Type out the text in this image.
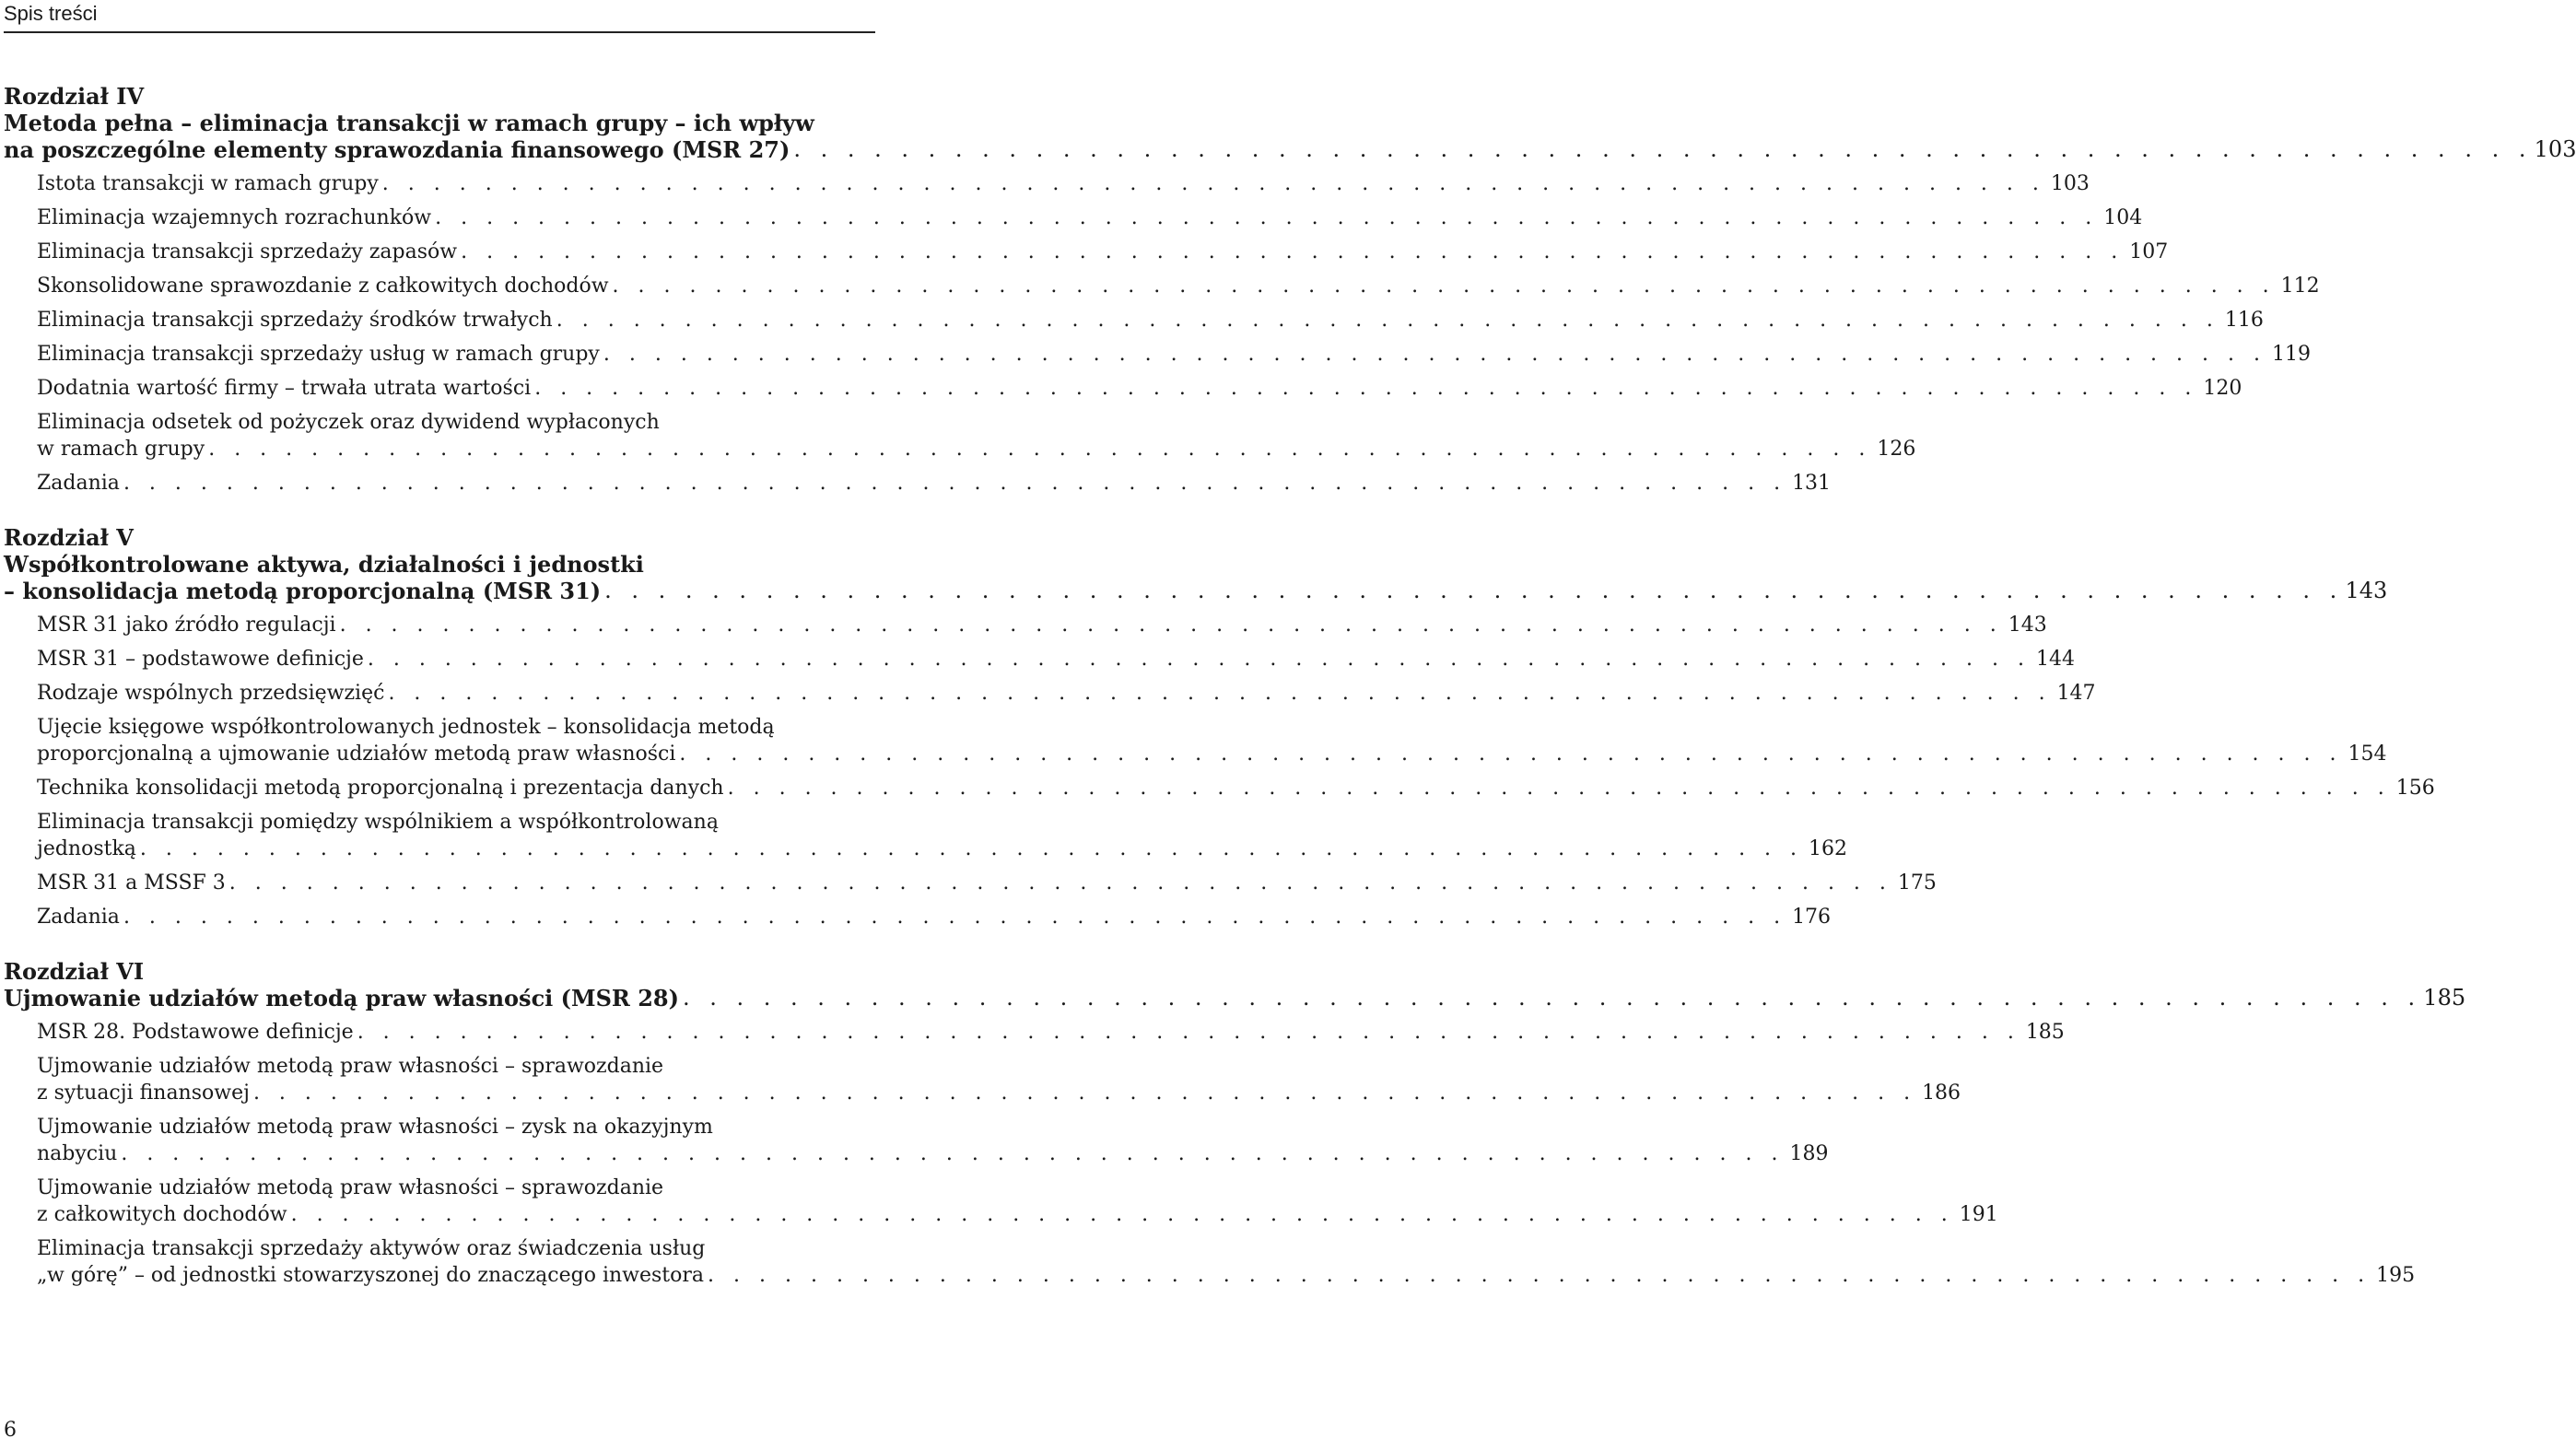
Spis treści
Rozdział IV
Metoda pełna – eliminacja transakcji w ramach grupy – ich wpływ
na poszczególne elementy sprawozdania finansowego (MSR 27) . . . . . . . . . . . . . . . . . . . . . . . . . . . . . . . . . . . . . . . . . . . . . . . . . . . . . . . . . . . . . . . . . 103
Istota transakcji w ramach grupy . . . . . . . . . . . . . . . . . . . . . . . . . . . . . . . . . . . . . . . . . . . . . . . . . . . . . . . . . . . . . . . . . 103
Eliminacja wzajemnych rozrachunków . . . . . . . . . . . . . . . . . . . . . . . . . . . . . . . . . . . . . . . . . . . . . . . . . . . . . . . . . . . . . . . . . 104
Eliminacja transakcji sprzedaży zapasów . . . . . . . . . . . . . . . . . . . . . . . . . . . . . . . . . . . . . . . . . . . . . . . . . . . . . . . . . . . . . . . . . 107
Skonsolidowane sprawozdanie z całkowitych dochodów . . . . . . . . . . . . . . . . . . . . . . . . . . . . . . . . . . . . . . . . . . . . . . . . . . . . . . . . . . . . . . . . . 112
Eliminacja transakcji sprzedaży środków trwałych . . . . . . . . . . . . . . . . . . . . . . . . . . . . . . . . . . . . . . . . . . . . . . . . . . . . . . . . . . . . . . . . . 116
Eliminacja transakcji sprzedaży usług w ramach grupy . . . . . . . . . . . . . . . . . . . . . . . . . . . . . . . . . . . . . . . . . . . . . . . . . . . . . . . . . . . . . . . . . 119
Dodatnia wartość firmy – trwała utrata wartości . . . . . . . . . . . . . . . . . . . . . . . . . . . . . . . . . . . . . . . . . . . . . . . . . . . . . . . . . . . . . . . . . 120
Eliminacja odsetek od pożyczek oraz dywidend wypłaconych
w ramach grupy . . . . . . . . . . . . . . . . . . . . . . . . . . . . . . . . . . . . . . . . . . . . . . . . . . . . . . . . . . . . . . . . . 126
Zadania . . . . . . . . . . . . . . . . . . . . . . . . . . . . . . . . . . . . . . . . . . . . . . . . . . . . . . . . . . . . . . . . . 131
Rozdział V
Współkontrolowane aktywa, działalności i jednostki
– konsolidacja metodą proporcjonalną (MSR 31) . . . . . . . . . . . . . . . . . . . . . . . . . . . . . . . . . . . . . . . . . . . . . . . . . . . . . . . . . . . . . . . . . 143
MSR 31 jako źródło regulacji . . . . . . . . . . . . . . . . . . . . . . . . . . . . . . . . . . . . . . . . . . . . . . . . . . . . . . . . . . . . . . . . . 143
MSR 31 – podstawowe definicje . . . . . . . . . . . . . . . . . . . . . . . . . . . . . . . . . . . . . . . . . . . . . . . . . . . . . . . . . . . . . . . . . 144
Rodzaje wspólnych przedsięwzięć . . . . . . . . . . . . . . . . . . . . . . . . . . . . . . . . . . . . . . . . . . . . . . . . . . . . . . . . . . . . . . . . . 147
Ujęcie księgowe współkontrolowanych jednostek – konsolidacja metodą
proporcjonalną a ujmowanie udziałów metodą praw własności . . . . . . . . . . . . . . . . . . . . . . . . . . . . . . . . . . . . . . . . . . . . . . . . . . . . . . . . . . . . . . . . . 154
Technika konsolidacji metodą proporcjonalną i prezentacja danych . . . . . . . . . . . . . . . . . . . . . . . . . . . . . . . . . . . . . . . . . . . . . . . . . . . . . . . . . . . . . . . . . 156
Eliminacja transakcji pomiędzy wspólnikiem a współkontrolowaną
jednostką . . . . . . . . . . . . . . . . . . . . . . . . . . . . . . . . . . . . . . . . . . . . . . . . . . . . . . . . . . . . . . . . . 162
MSR 31 a MSSF 3 . . . . . . . . . . . . . . . . . . . . . . . . . . . . . . . . . . . . . . . . . . . . . . . . . . . . . . . . . . . . . . . . . 175
Zadania . . . . . . . . . . . . . . . . . . . . . . . . . . . . . . . . . . . . . . . . . . . . . . . . . . . . . . . . . . . . . . . . . 176
Rozdział VI
Ujmowanie udziałów metodą praw własności (MSR 28) . . . . . . . . . . . . . . . . . . . . . . . . . . . . . . . . . . . . . . . . . . . . . . . . . . . . . . . . . . . . . . . . . 185
MSR 28. Podstawowe definicje . . . . . . . . . . . . . . . . . . . . . . . . . . . . . . . . . . . . . . . . . . . . . . . . . . . . . . . . . . . . . . . . . 185
Ujmowanie udziałów metodą praw własności – sprawozdanie
z sytuacji finansowej . . . . . . . . . . . . . . . . . . . . . . . . . . . . . . . . . . . . . . . . . . . . . . . . . . . . . . . . . . . . . . . . . 186
Ujmowanie udziałów metodą praw własności – zysk na okazyjnym
nabyciu . . . . . . . . . . . . . . . . . . . . . . . . . . . . . . . . . . . . . . . . . . . . . . . . . . . . . . . . . . . . . . . . . 189
Ujmowanie udziałów metodą praw własności – sprawozdanie
z całkowitych dochodów . . . . . . . . . . . . . . . . . . . . . . . . . . . . . . . . . . . . . . . . . . . . . . . . . . . . . . . . . . . . . . . . . 191
Eliminacja transakcji sprzedaży aktywów oraz świadczenia usług
„w górę” – od jednostki stowarzyszonej do znaczącego inwestora . . . . . . . . . . . . . . . . . . . . . . . . . . . . . . . . . . . . . . . . . . . . . . . . . . . . . . . . . . . . . . . . . 195
6
